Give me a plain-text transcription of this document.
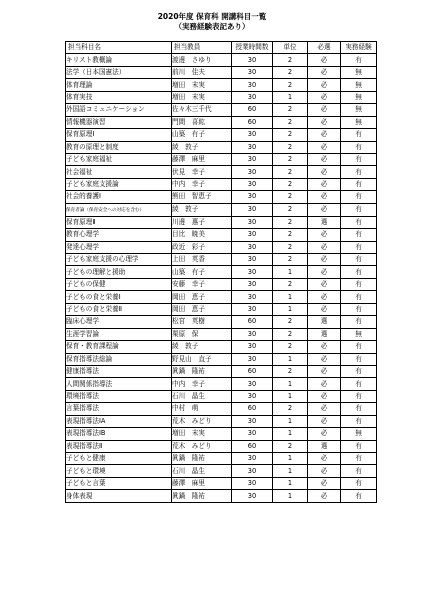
2020年度 保育科 開講科目一覧
（実務経験表記あり）
担当科目名	担当教員	授業時間数	単位	必選	実務経験

キリスト教概論	渡邊　さゆり	30	2	必	有
法学（日本国憲法）	前川　佳夫	30	2	必	無

体育理論	増田　末実	30	2	必	無

体育実技	増田　末実	30	1	必	無
外国語コミュニケーション	佐々木三千代	60	2	必	無

情報機器演習	門間　喜紘	60	2	必	無

保育原理Ⅰ	山築　有子	30	2	必	有
教育の原理と制度	綾　敦子	30	2	必	有

子ども家庭福祉	藤澤　麻里	30	2	必	有

社会福祉	伏見　幸子	30	2	必	有
子ども家庭支援論	中内　幸子	30	2	必	有

社会的養護Ⅰ	熊田　智恵子	30	2	必	有
保育者論（保育安全への対応を含む）	綾　敦子	30	2	必	有

保育原理Ⅱ	川邊　惠子	30	2	選	有

教育心理学	目比　暁美	30	2	必	有

発達心理学	政近　彩子	30	2	必	有

子ども家庭支援の心理学	上田　英香	30	2	必	有
子どもの理解と援助	山築　有子	30	1	必	有
子どもの保健	安藤　幸子	30	2	必	有

子どもの食と栄養Ⅰ	岡田　恵子	30	1	必	有

子どもの食と栄養Ⅱ	岡田　恵子	30	1	必	有

臨床心理学	松宮　英樹	60	2	選	有

生涯学習論	栗原　保	30	2	選	無
保育・教育課程論	綾　敦子	30	2	必	有

保育指導法総論	野見山　直子	30	1	必	有

健康指導法	眞鍋　隆祐	60	2	必	有
人間関係指導法	中内　幸子	30	1	必	有
環境指導法	石川　晶生	30	1	必	有

言葉指導法	中村　萌	60	2	必	有

表現指導法ⅠA	荒木　みどり	30	1	必	有

表現指導法ⅠB	増田　末実	30	1	必	無

表現指導法Ⅱ	荒木　みどり	60	2	選	有

子どもと健康	眞鍋　隆祐	30	1	必	有
子どもと環境	石川　晶生	30	1	必	有

子どもと言葉	藤澤　麻里	30	1	必	有

身体表現	眞鍋　隆祐	30	1	必	有
